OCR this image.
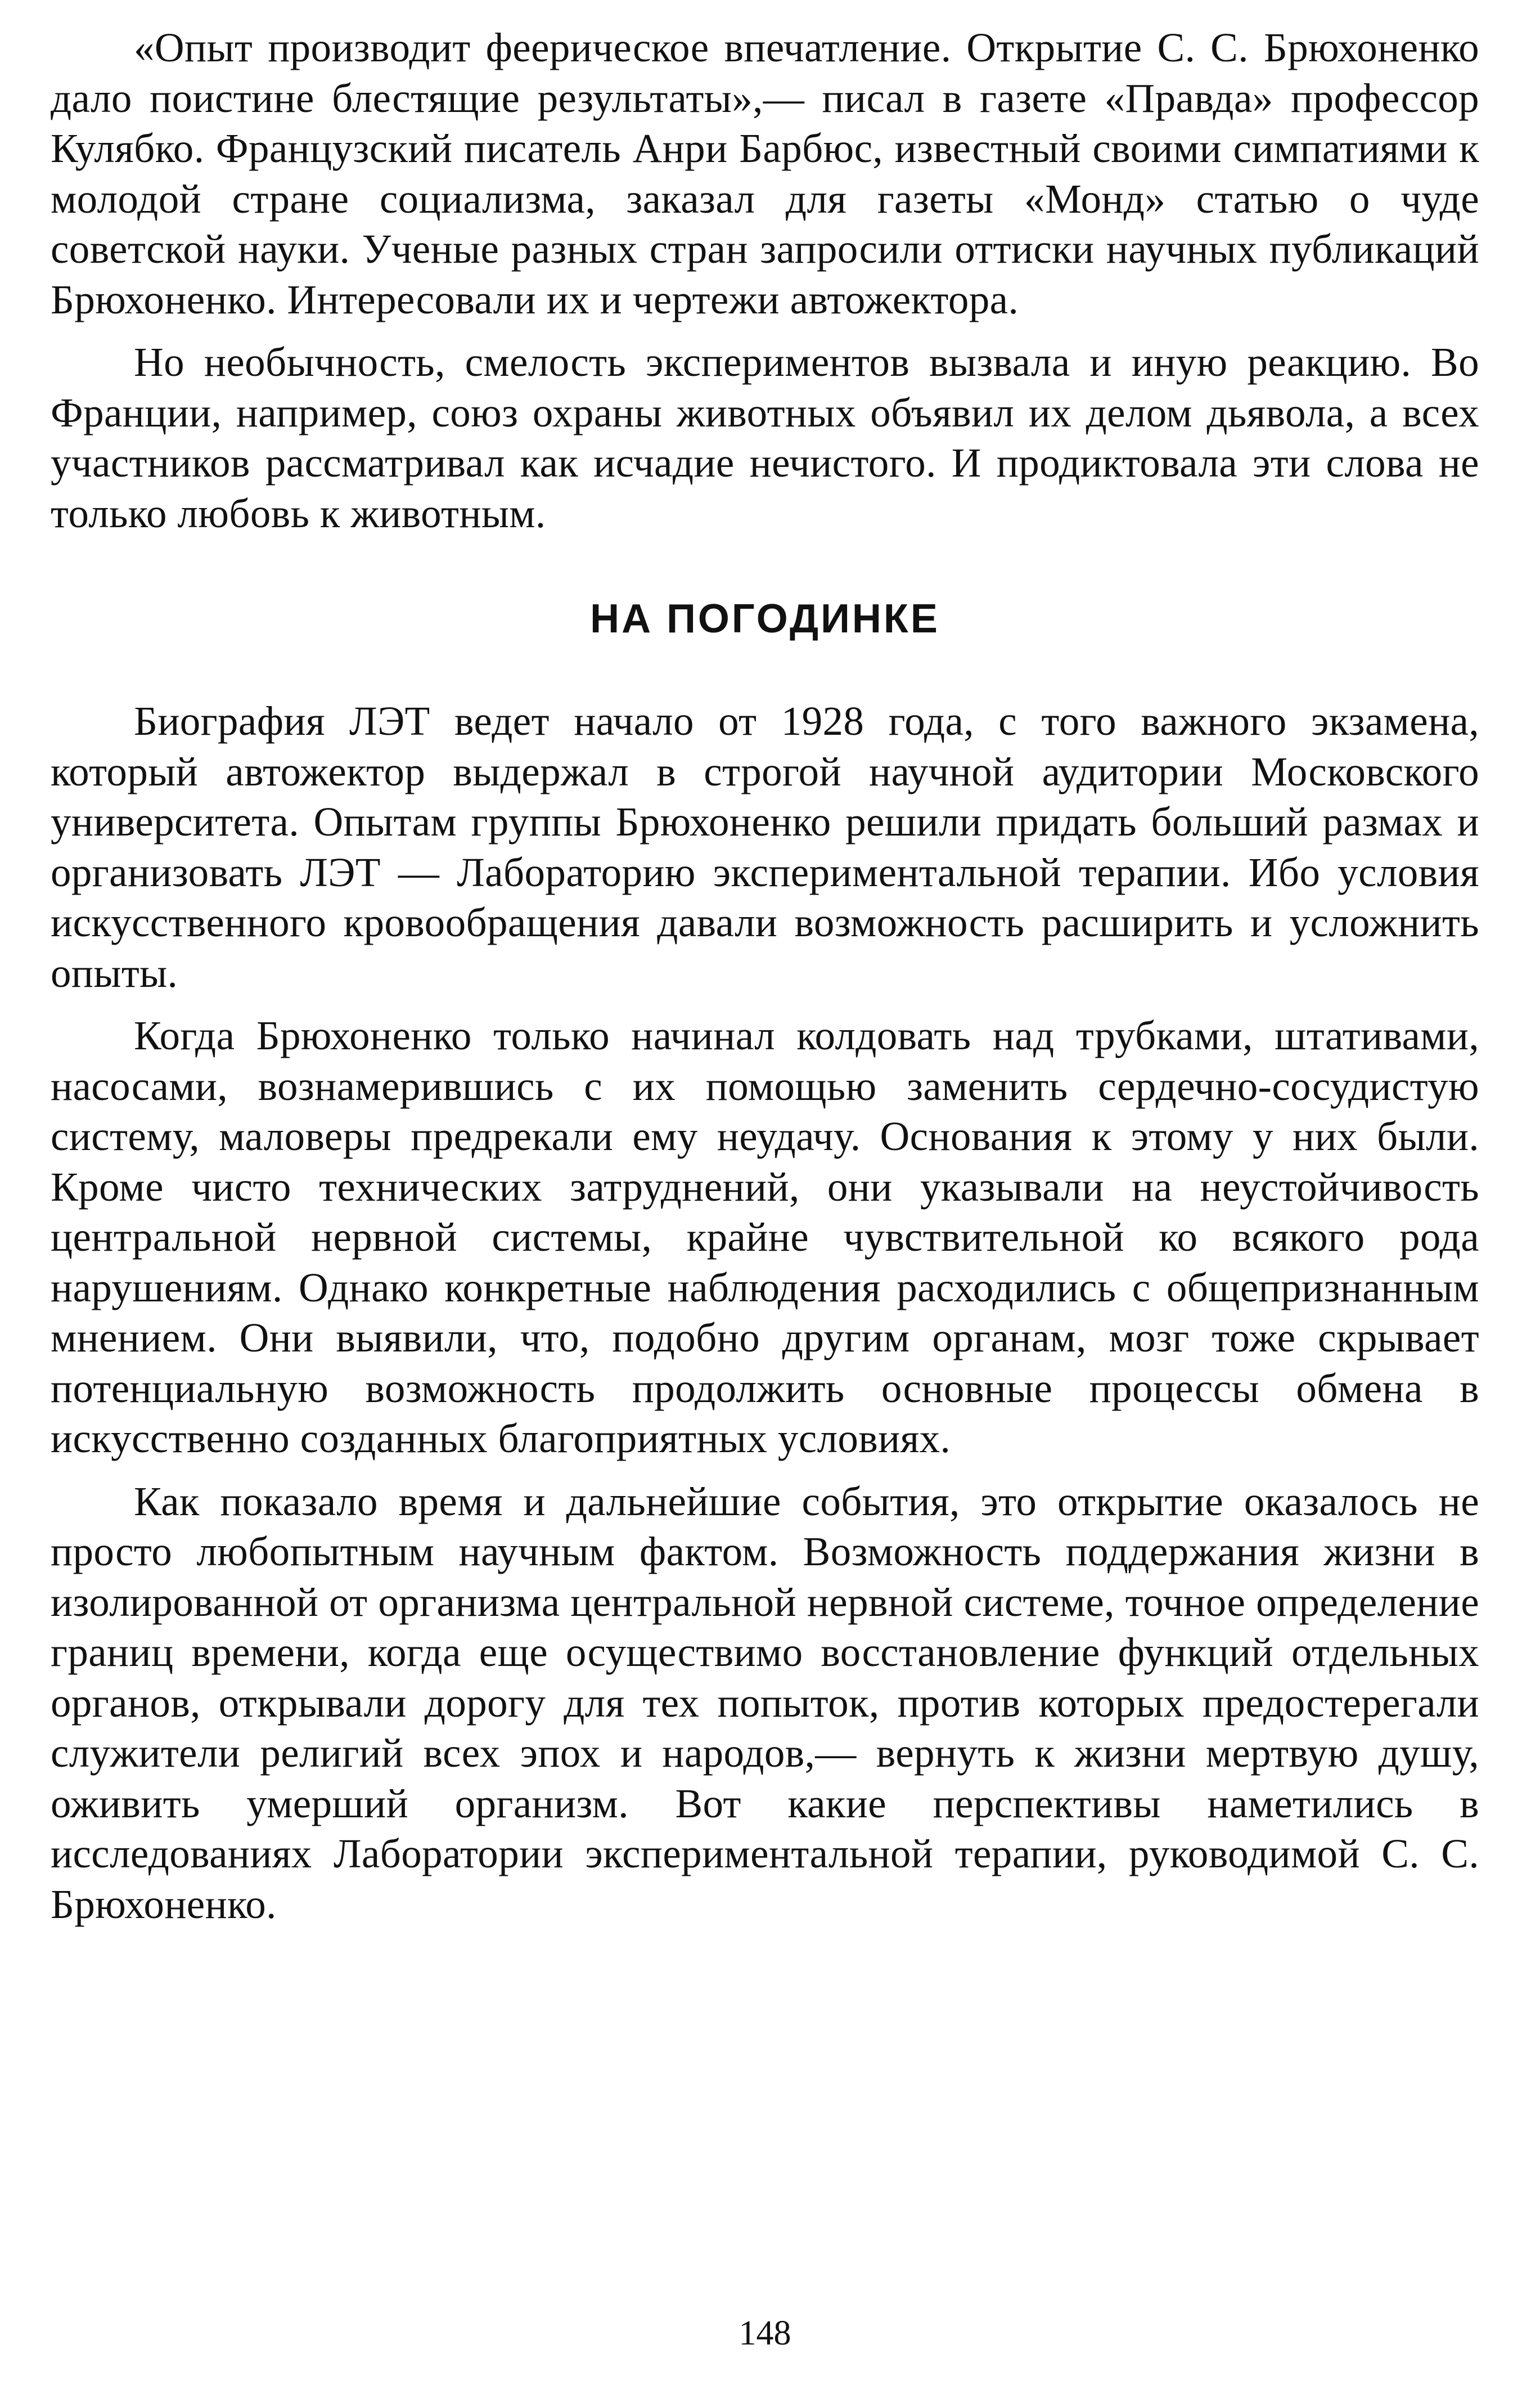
«Опыт производит феерическое впечатление. Открытие С. С. Брюхоненко дало поистине блестящие результаты»,— писал в газете «Правда» профессор Кулябко. Французский писатель Анри Барбюс, известный своими симпатиями к молодой стране социализма, заказал для газеты «Монд» статью о чуде советской науки. Ученые разных стран запросили оттиски научных публикаций Брюхоненко. Интересовали их и чертежи автожектора.

Но необычность, смелость экспериментов вызвала и иную реакцию. Во Франции, например, союз охраны животных объявил их делом дьявола, а всех участников рассматривал как исчадие нечистого. И продиктовала эти слова не только любовь к животным.

НА ПОГОДИНКЕ

Биография ЛЭТ ведет начало от 1928 года, с того важного экзамена, который автожектор выдержал в строгой научной аудитории Московского университета. Опытам группы Брюхоненко решили придать больший размах и организовать ЛЭТ — Лабораторию экспериментальной терапии. Ибо условия искусственного кровообращения давали возможность расширить и усложнить опыты.

Когда Брюхоненко только начинал колдовать над трубками, штативами, насосами, вознамерившись с их помощью заменить сердечно-сосудистую систему, маловеры предрекали ему неудачу. Основания к этому у них были. Кроме чисто технических затруднений, они указывали на неустойчивость центральной нервной системы, крайне чувствительной ко всякого рода нарушениям. Однако конкретные наблюдения расходились с общепризнанным мнением. Они выявили, что, подобно другим органам, мозг тоже скрывает потенциальную возможность продолжить основные процессы обмена в искусственно созданных благоприятных условиях.

Как показало время и дальнейшие события, это открытие оказалось не просто любопытным научным фактом. Возможность поддержания жизни в изолированной от организма центральной нервной системе, точное определение границ времени, когда еще осуществимо восстановление функций отдельных органов, открывали дорогу для тех попыток, против которых предостерегали служители религий всех эпох и народов,— вернуть к жизни мертвую душу, оживить умерший организм. Вот какие перспективы наметились в исследованиях Лаборатории экспериментальной терапии, руководимой С. С. Брюхоненко.

148
